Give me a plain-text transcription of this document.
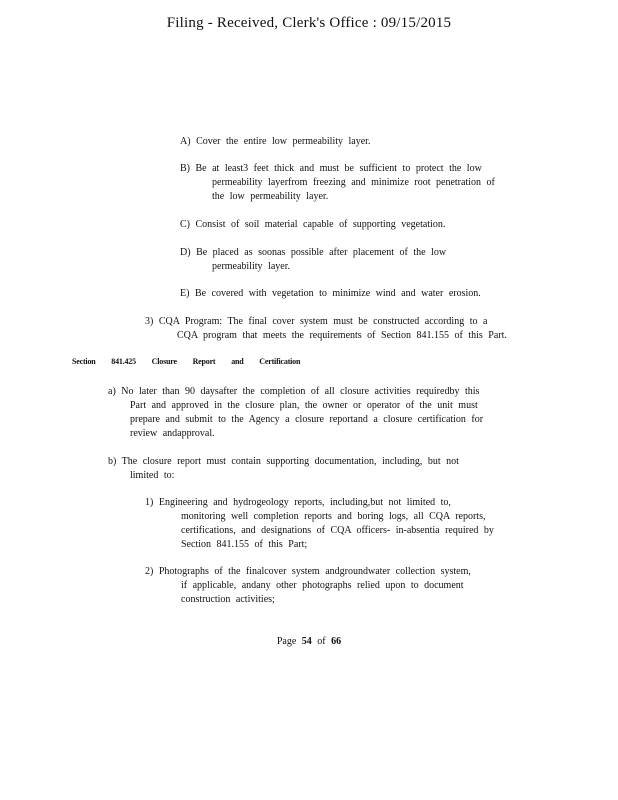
Filing - Received, Clerk's Office : 09/15/2015
A) Cover the entire low permeability layer.
B) Be at least3 feet thick and must be sufficient to protect the low
permeability layerfrom freezing and minimize root penetration of
the low permeability layer.
C) Consist of soil material capable of supporting vegetation.
D) Be placed as soonas possible after placement of the low
permeability layer.
E) Be covered with vegetation to minimize wind and water erosion.
3) CQA Program: The final cover system must be constructed according to a
CQA program that meets the requirements of Section 841.155 of this Part.
Section 841.425 Closure Report and Certification
a) No later than 90 daysafter the completion of all closure activities requiredby this
Part and approved in the closure plan, the owner or operator of the unit must
prepare and submit to the Agency a closure reportand a closure certification for
review andapproval.
b) The closure report must contain supporting documentation, including, but not
limited to:
1) Engineering and hydrogeology reports, including,but not limited to,
monitoring well completion reports and boring logs, all CQA reports,
certifications, and designations of CQA officers- in-absentia required by
Section 841.155 of this Part;
2) Photographs of the finalcover system andgroundwater collection system,
if applicable, andany other photographs relied upon to document
construction activities;
Page 54 of 66
